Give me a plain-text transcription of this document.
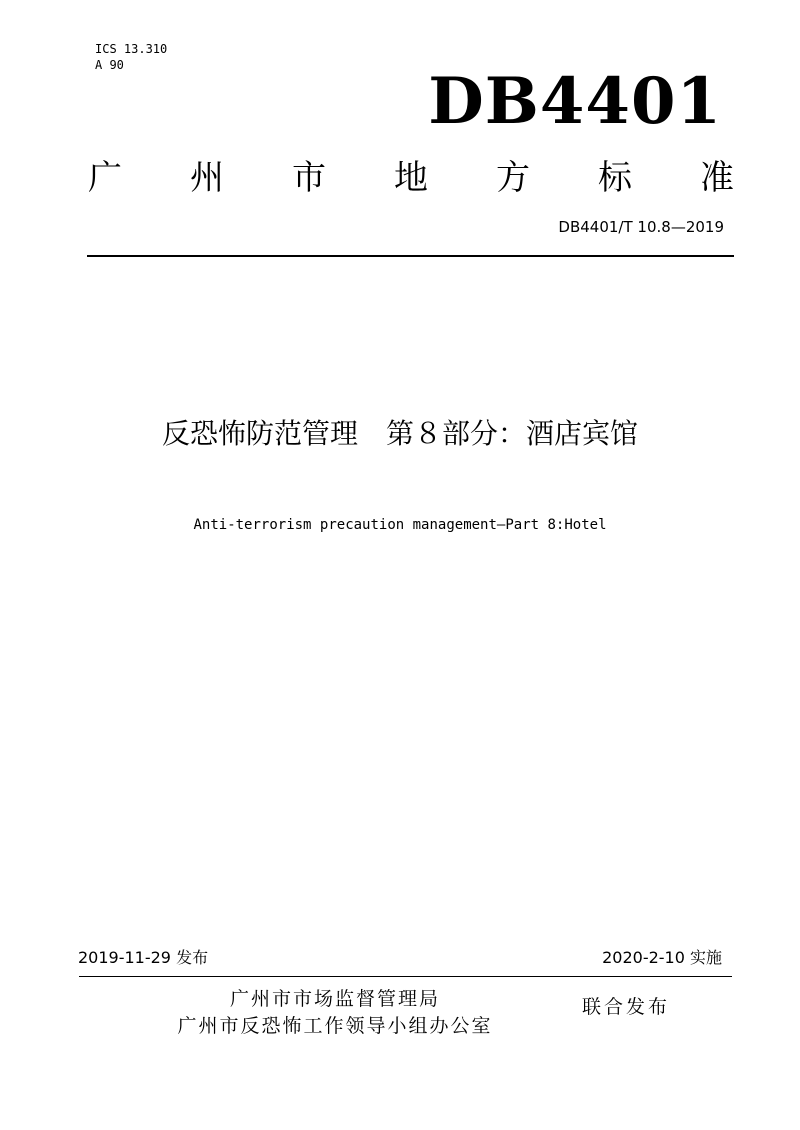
ICS 13.310
A 90	DB4401
广 州 市 地 方 标 准
DB4401/T 10.8—2019
反恐怖防范管理　第８部分：酒店宾馆
Anti-terrorism precaution management—Part 8:Hotel
2019-11-29 发布	2020-2-10 实施
广州市市场监督管理局
广州市反恐怖工作领导小组办公室
联合发布
